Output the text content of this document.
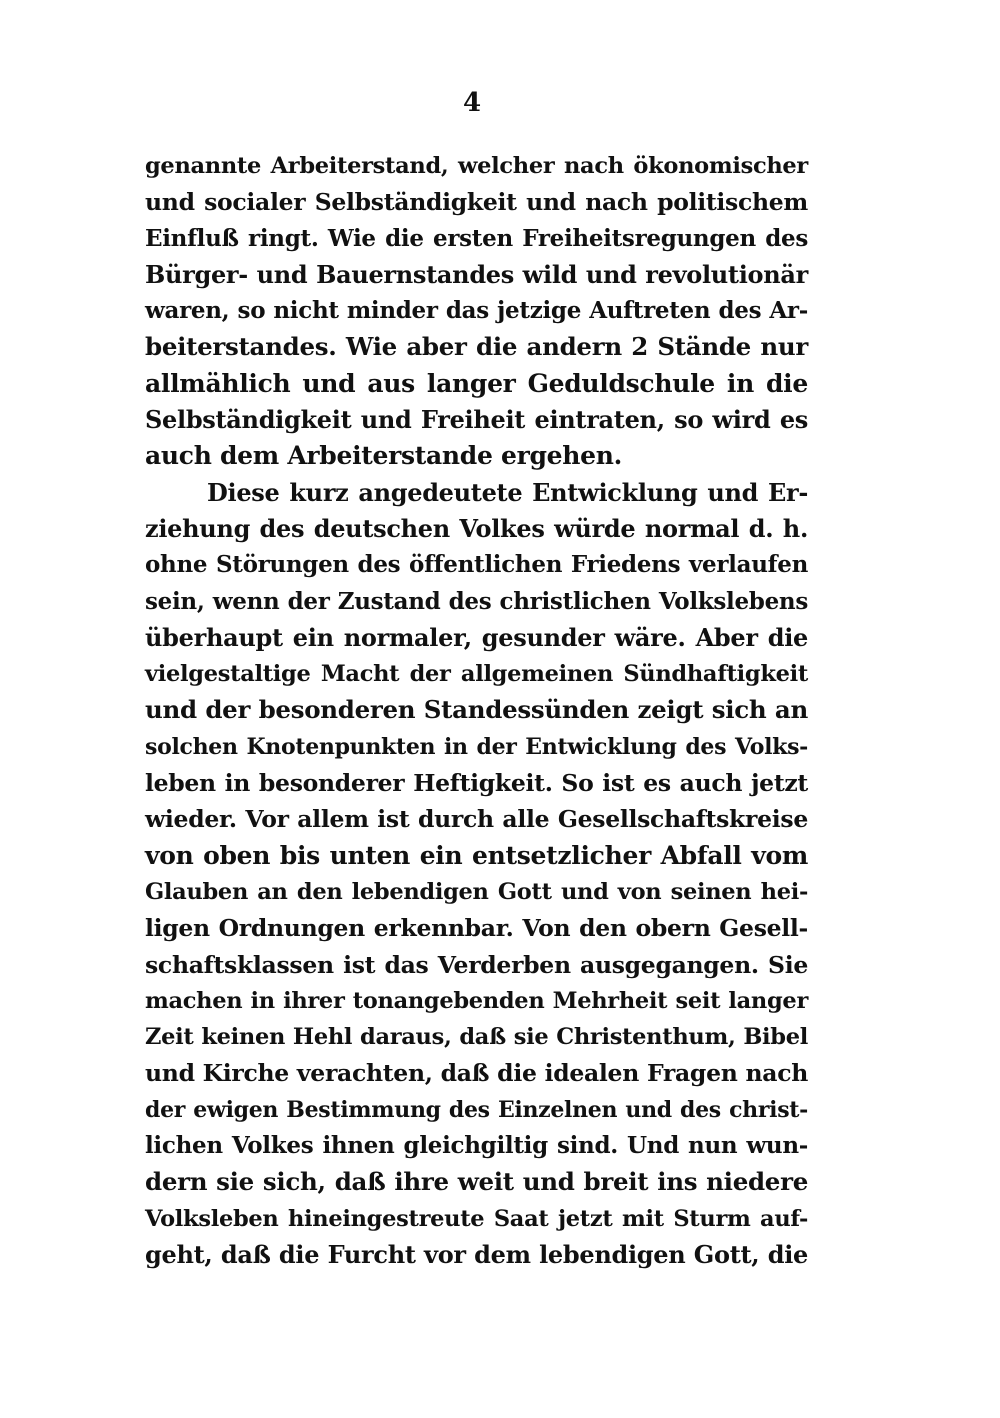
4
genannte Arbeiterstand, welcher nach ökonomischer
und socialer Selbständigkeit und nach politischem
Einfluß ringt. Wie die ersten Freiheitsregungen des
Bürger- und Bauernstandes wild und revolutionär
waren, so nicht minder das jetzige Auftreten des Ar-
beiterstandes. Wie aber die andern 2 Stände nur
allmählich und aus langer Geduldschule in die
Selbständigkeit und Freiheit eintraten, so wird es
auch dem Arbeiterstande ergehen.
Diese kurz angedeutete Entwicklung und Er-
ziehung des deutschen Volkes würde normal d. h.
ohne Störungen des öffentlichen Friedens verlaufen
sein, wenn der Zustand des christlichen Volkslebens
überhaupt ein normaler, gesunder wäre. Aber die
vielgestaltige Macht der allgemeinen Sündhaftigkeit
und der besonderen Standessünden zeigt sich an
solchen Knotenpunkten in der Entwicklung des Volks-
leben in besonderer Heftigkeit. So ist es auch jetzt
wieder. Vor allem ist durch alle Gesellschaftskreise
von oben bis unten ein entsetzlicher Abfall vom
Glauben an den lebendigen Gott und von seinen hei-
ligen Ordnungen erkennbar. Von den obern Gesell-
schaftsklassen ist das Verderben ausgegangen. Sie
machen in ihrer tonangebenden Mehrheit seit langer
Zeit keinen Hehl daraus, daß sie Christenthum, Bibel
und Kirche verachten, daß die idealen Fragen nach
der ewigen Bestimmung des Einzelnen und des christ-
lichen Volkes ihnen gleichgiltig sind. Und nun wun-
dern sie sich, daß ihre weit und breit ins niedere
Volksleben hineingestreute Saat jetzt mit Sturm auf-
geht, daß die Furcht vor dem lebendigen Gott, die
